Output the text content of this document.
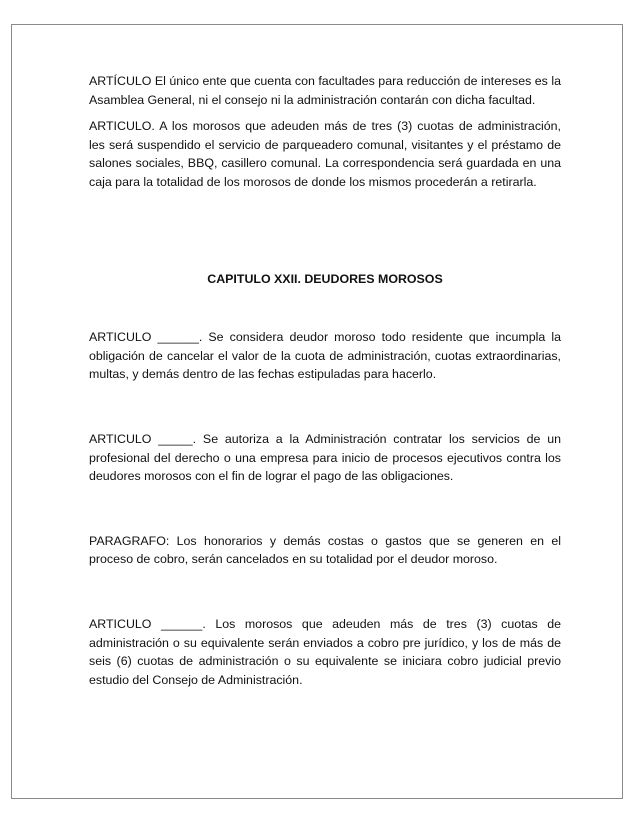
ARTÍCULO El único ente que cuenta con facultades para reducción de intereses es la Asamblea General, ni el consejo ni la administración contarán con dicha facultad.

ARTICULO. A los morosos que adeuden más de tres (3) cuotas de administración, les será suspendido el servicio de parqueadero comunal, visitantes y el préstamo de salones sociales, BBQ, casillero comunal. La correspondencia será guardada en una caja para la totalidad de los morosos de donde los mismos procederán a retirarla.

CAPITULO XXII. DEUDORES MOROSOS

ARTICULO ______. Se considera deudor moroso todo residente que incumpla la obligación de cancelar el valor de la cuota de administración, cuotas extraordinarias, multas, y demás dentro de las fechas estipuladas para hacerlo.

ARTICULO _____. Se autoriza a la Administración contratar los servicios de un profesional del derecho o una empresa para inicio de procesos ejecutivos contra los deudores morosos con el fin de lograr el pago de las obligaciones.

PARAGRAFO: Los honorarios y demás costas o gastos que se generen en el proceso de cobro, serán cancelados en su totalidad por el deudor moroso.

ARTICULO ______. Los morosos que adeuden más de tres (3) cuotas de administración o su equivalente serán enviados a cobro pre jurídico, y los de más de seis (6) cuotas de administración o su equivalente se iniciara cobro judicial previo estudio del Consejo de Administración.
